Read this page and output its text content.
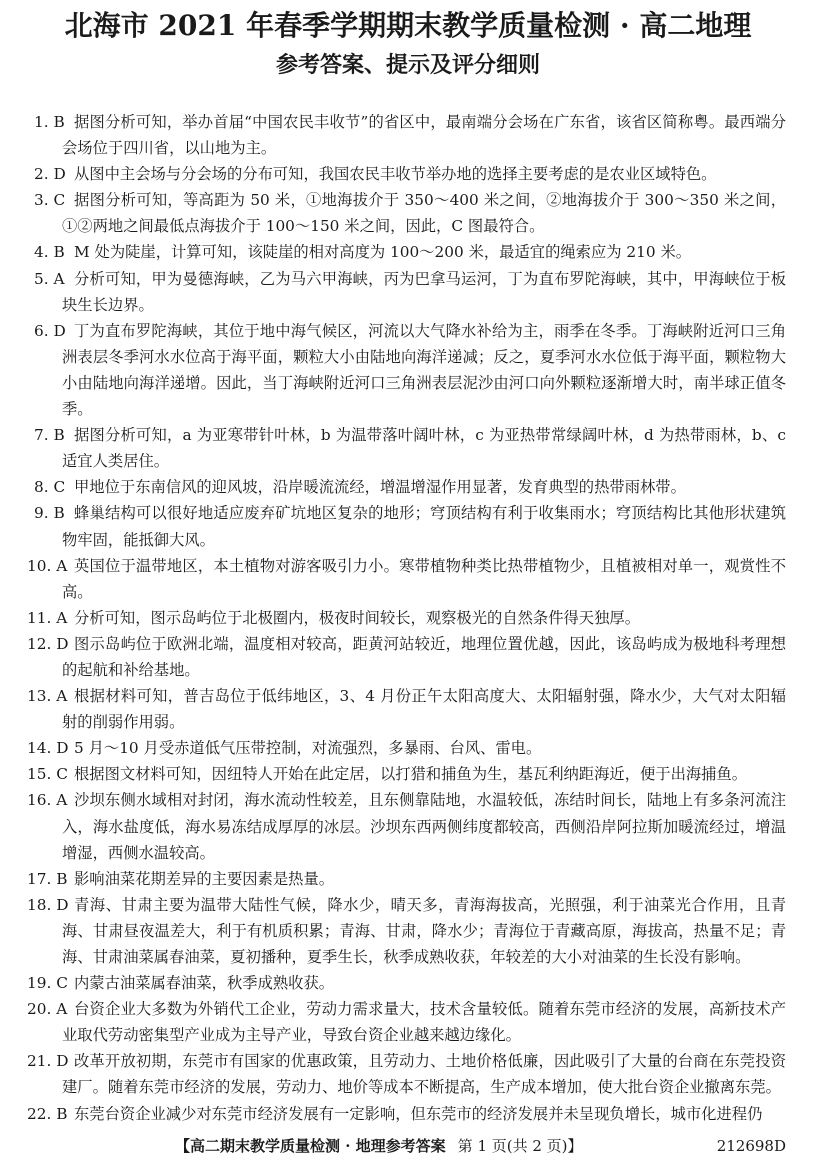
北海市 2021 年春季学期期末教学质量检测 · 高二地理
参考答案、提示及评分细则
1. B 据图分析可知，举办首届“中国农民丰收节”的省区中，最南端分会场在广东省，该省区简称粤。最西端分会场位于四川省，以山地为主。
2. D 从图中主会场与分会场的分布可知，我国农民丰收节举办地的选择主要考虑的是农业区域特色。
3. C 据图分析可知，等高距为 50 米，①地海拔介于 350～400 米之间，②地海拔介于 300～350 米之间，①②两地之间最低点海拔介于 100～150 米之间，因此，C 图最符合。
4. B M 处为陡崖，计算可知，该陡崖的相对高度为 100～200 米，最适宜的绳索应为 210 米。
5. A 分析可知，甲为曼德海峡，乙为马六甲海峡，丙为巴拿马运河，丁为直布罗陀海峡，其中，甲海峡位于板块生长边界。
6. D 丁为直布罗陀海峡，其位于地中海气候区，河流以大气降水补给为主，雨季在冬季。丁海峡附近河口三角洲表层冬季河水水位高于海平面，颗粒大小由陆地向海洋递减；反之，夏季河水水位低于海平面，颗粒物大小由陆地向海洋递增。因此，当丁海峡附近河口三角洲表层泥沙由河口向外颗粒逐渐增大时，南半球正值冬季。
7. B 据图分析可知，a 为亚寒带针叶林，b 为温带落叶阔叶林，c 为亚热带常绿阔叶林，d 为热带雨林，b、c 适宜人类居住。
8. C 甲地位于东南信风的迎风坡，沿岸暖流流经，增温增湿作用显著，发育典型的热带雨林带。
9. B 蜂巢结构可以很好地适应废弃矿坑地区复杂的地形；穹顶结构有利于收集雨水；穹顶结构比其他形状建筑物牢固，能抵御大风。
10. A 英国位于温带地区，本土植物对游客吸引力小。寒带植物种类比热带植物少，且植被相对单一，观赏性不高。
11. A 分析可知，图示岛屿位于北极圈内，极夜时间较长，观察极光的自然条件得天独厚。
12. D 图示岛屿位于欧洲北端，温度相对较高，距黄河站较近，地理位置优越，因此，该岛屿成为极地科考理想的起航和补给基地。
13. A 根据材料可知，普吉岛位于低纬地区，3、4 月份正午太阳高度大、太阳辐射强，降水少，大气对太阳辐射的削弱作用弱。
14. D 5 月～10 月受赤道低气压带控制，对流强烈，多暴雨、台风、雷电。
15. C 根据图文材料可知，因纽特人开始在此定居，以打猎和捕鱼为生，基瓦利纳距海近，便于出海捕鱼。
16. A 沙坝东侧水域相对封闭，海水流动性较差，且东侧靠陆地，水温较低，冻结时间长，陆地上有多条河流注入，海水盐度低，海水易冻结成厚厚的冰层。沙坝东西两侧纬度都较高，西侧沿岸阿拉斯加暖流经过，增温增湿，西侧水温较高。
17. B 影响油菜花期差异的主要因素是热量。
18. D 青海、甘肃主要为温带大陆性气候，降水少，晴天多，青海海拔高，光照强，利于油菜光合作用，且青海、甘肃昼夜温差大，利于有机质积累；青海、甘肃，降水少；青海位于青藏高原，海拔高，热量不足；青海、甘肃油菜属春油菜，夏初播种，夏季生长，秋季成熟收获，年较差的大小对油菜的生长没有影响。
19. C 内蒙古油菜属春油菜，秋季成熟收获。
20. A 台资企业大多数为外销代工企业，劳动力需求量大，技术含量较低。随着东莞市经济的发展，高新技术产业取代劳动密集型产业成为主导产业，导致台资企业越来越边缘化。
21. D 改革开放初期，东莞市有国家的优惠政策，且劳动力、土地价格低廉，因此吸引了大量的台商在东莞投资建厂。随着东莞市经济的发展，劳动力、地价等成本不断提高，生产成本增加，使大批台资企业撤离东莞。
22. B 东莞台资企业减少对东莞市经济发展有一定影响，但东莞市的经济发展并未呈现负增长，城市化进程仍
【高二期末教学质量检测 · 地理参考答案 第 1 页(共 2 页)】	212698D
